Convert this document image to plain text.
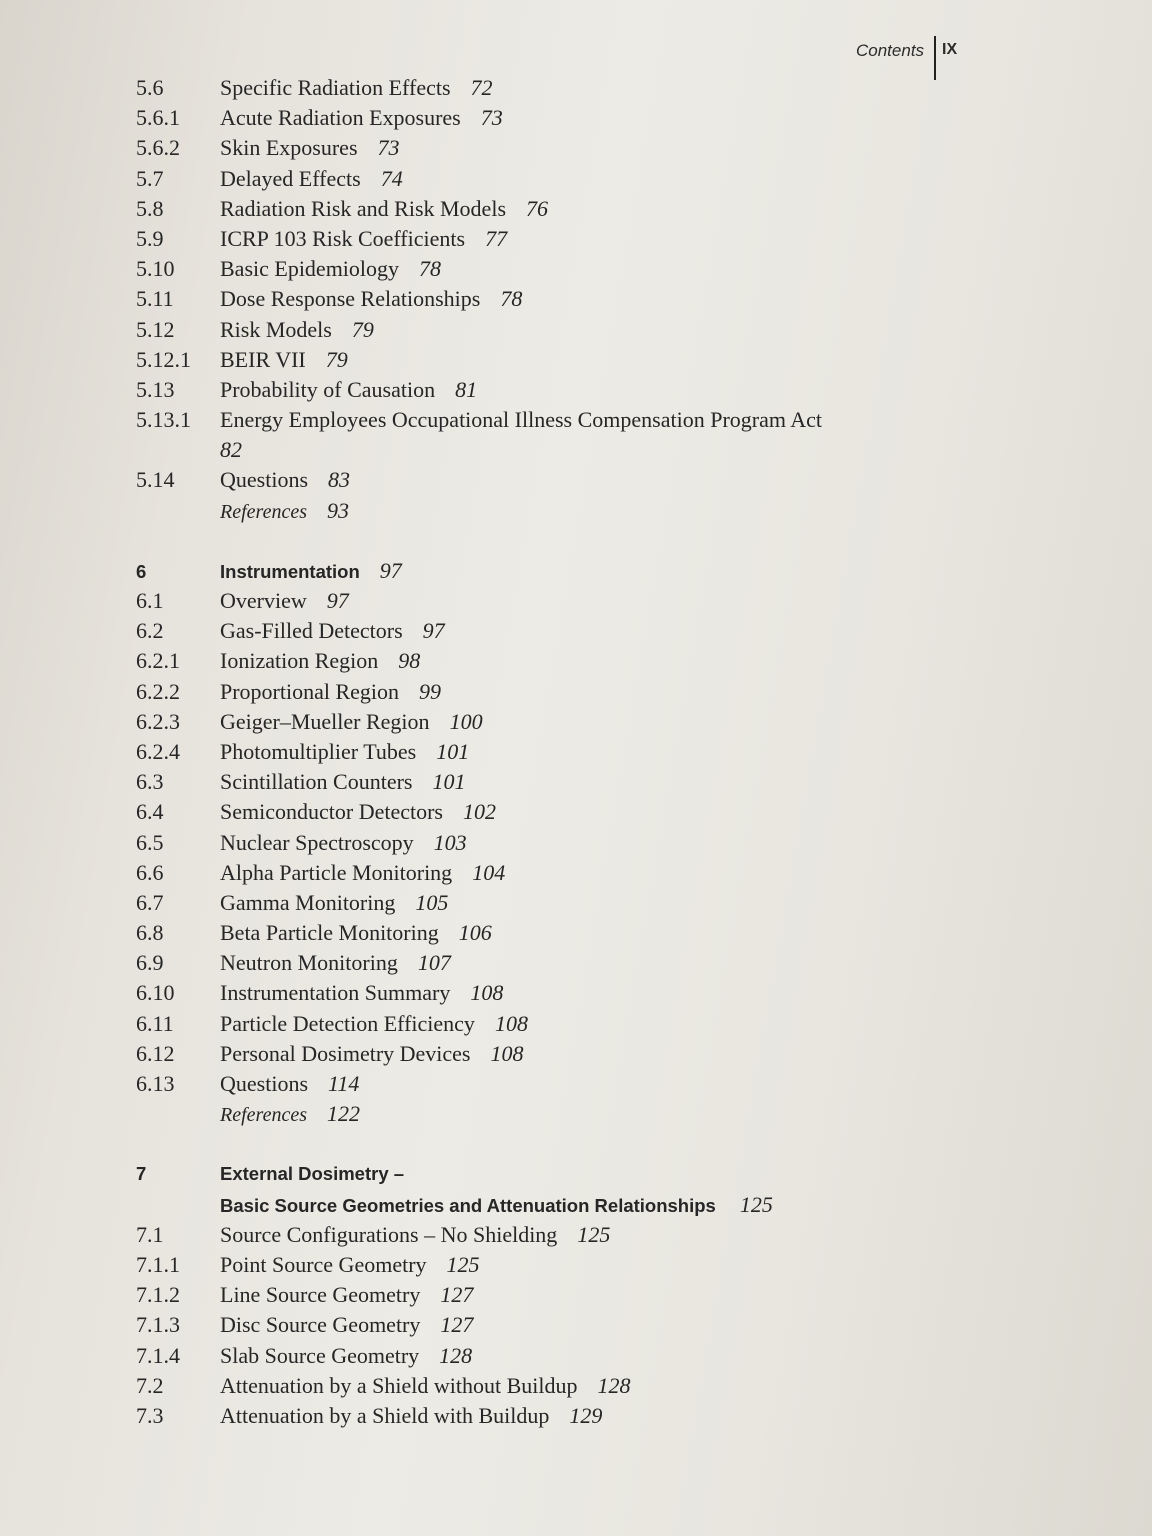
Contents IX
5.6	Specific Radiation Effects 72
5.6.1	Acute Radiation Exposures 73
5.6.2	Skin Exposures 73
5.7	Delayed Effects 74
5.8	Radiation Risk and Risk Models 76
5.9	ICRP 103 Risk Coefficients 77
5.10	Basic Epidemiology 78
5.11	Dose Response Relationships 78
5.12	Risk Models 79
5.12.1	BEIR VII 79
5.13	Probability of Causation 81
5.13.1	Energy Employees Occupational Illness Compensation Program Act
82
5.14	Questions 83
References 93
6	Instrumentation 97
6.1	Overview 97
6.2	Gas-Filled Detectors 97
6.2.1	Ionization Region 98
6.2.2	Proportional Region 99
6.2.3	Geiger–Mueller Region 100
6.2.4	Photomultiplier Tubes 101
6.3	Scintillation Counters 101
6.4	Semiconductor Detectors 102
6.5	Nuclear Spectroscopy 103
6.6	Alpha Particle Monitoring 104
6.7	Gamma Monitoring 105
6.8	Beta Particle Monitoring 106
6.9	Neutron Monitoring 107
6.10	Instrumentation Summary 108
6.11	Particle Detection Efficiency 108
6.12	Personal Dosimetry Devices 108
6.13	Questions 114
References 122
7	External Dosimetry –
Basic Source Geometries and Attenuation Relationships 125
7.1	Source Configurations – No Shielding 125
7.1.1	Point Source Geometry 125
7.1.2	Line Source Geometry 127
7.1.3	Disc Source Geometry 127
7.1.4	Slab Source Geometry 128
7.2	Attenuation by a Shield without Buildup 128
7.3	Attenuation by a Shield with Buildup 129
